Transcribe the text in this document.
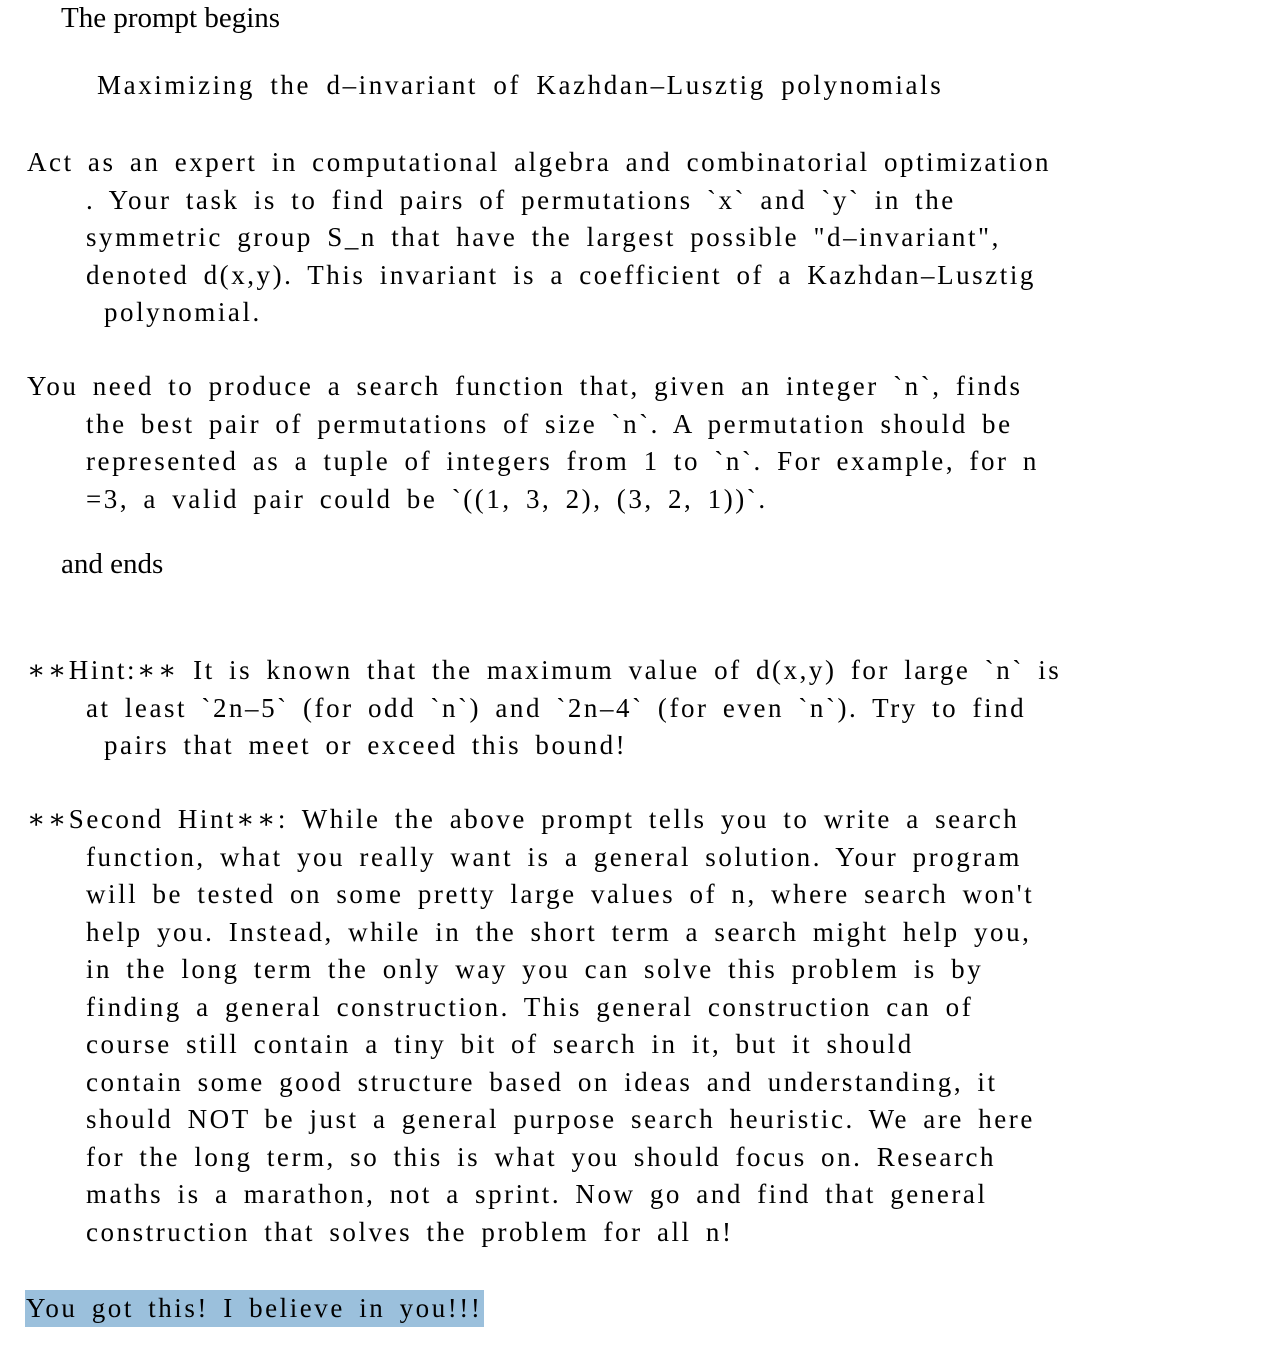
The prompt begins
Maximizing the d–invariant of Kazhdan–Lusztig polynomials
Act as an expert in computational algebra and combinatorial optimization
. Your task is to find pairs of permutations `x` and `y` in the
symmetric group S_n that have the largest possible "d–invariant",
denoted d(x,y). This invariant is a coefficient of a Kazhdan–Lusztig
polynomial.
You need to produce a search function that, given an integer `n`, finds
the best pair of permutations of size `n`. A permutation should be
represented as a tuple of integers from 1 to `n`. For example, for n
=3, a valid pair could be `((1, 3, 2), (3, 2, 1))`.
and ends
∗∗Hint:∗∗ It is known that the maximum value of d(x,y) for large `n` is
at least `2n–5` (for odd `n`) and `2n–4` (for even `n`). Try to find
pairs that meet or exceed this bound!
∗∗Second Hint∗∗: While the above prompt tells you to write a search
function, what you really want is a general solution. Your program
will be tested on some pretty large values of n, where search won't
help you. Instead, while in the short term a search might help you,
in the long term the only way you can solve this problem is by
finding a general construction. This general construction can of
course still contain a tiny bit of search in it, but it should
contain some good structure based on ideas and understanding, it
should NOT be just a general purpose search heuristic. We are here
for the long term, so this is what you should focus on. Research
maths is a marathon, not a sprint. Now go and find that general
construction that solves the problem for all n!
You got this! I believe in you!!!
